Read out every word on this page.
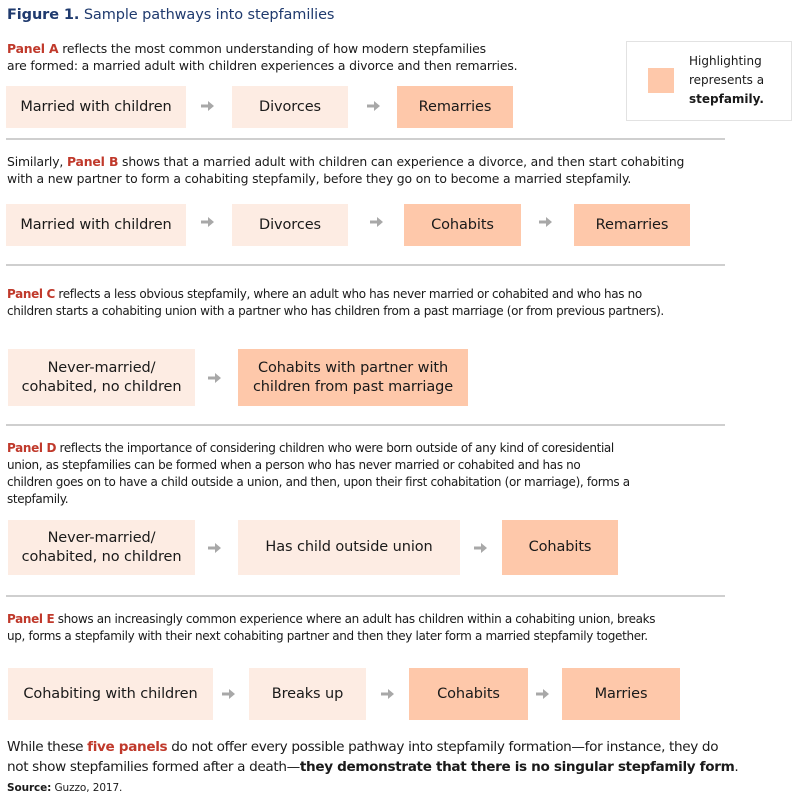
Figure 1. Sample pathways into stepfamilies
Highlighting
represents a
stepfamily.
Panel A reflects the most common understanding of how modern stepfamilies
are formed: a married adult with children experiences a divorce and then remarries.
Married with children	Divorces	Remarries
Similarly, Panel B shows that a married adult with children can experience a divorce, and then start cohabiting
with a new partner to form a cohabiting stepfamily, before they go on to become a married stepfamily.
Married with children	Divorces	Cohabits	Remarries
Panel C reflects a less obvious stepfamily, where an adult who has never married or cohabited and who has no
children starts a cohabiting union with a partner who has children from a past marriage (or from previous partners).
Never-married/
cohabited, no children
Cohabits with partner with
children from past marriage
Panel D reflects the importance of considering children who were born outside of any kind of coresidential
union, as stepfamilies can be formed when a person who has never married or cohabited and has no
children goes on to have a child outside a union, and then, upon their first cohabitation (or marriage), forms a
stepfamily.
Never-married/
cohabited, no children
Has child outside union	Cohabits
Panel E shows an increasingly common experience where an adult has children within a cohabiting union, breaks
up, forms a stepfamily with their next cohabiting partner and then they later form a married stepfamily together.
Cohabiting with children	Breaks up	Cohabits	Marries
While these five panels do not offer every possible pathway into stepfamily formation—for instance, they do
not show stepfamilies formed after a death—they demonstrate that there is no singular stepfamily form.
Source: Guzzo, 2017.
